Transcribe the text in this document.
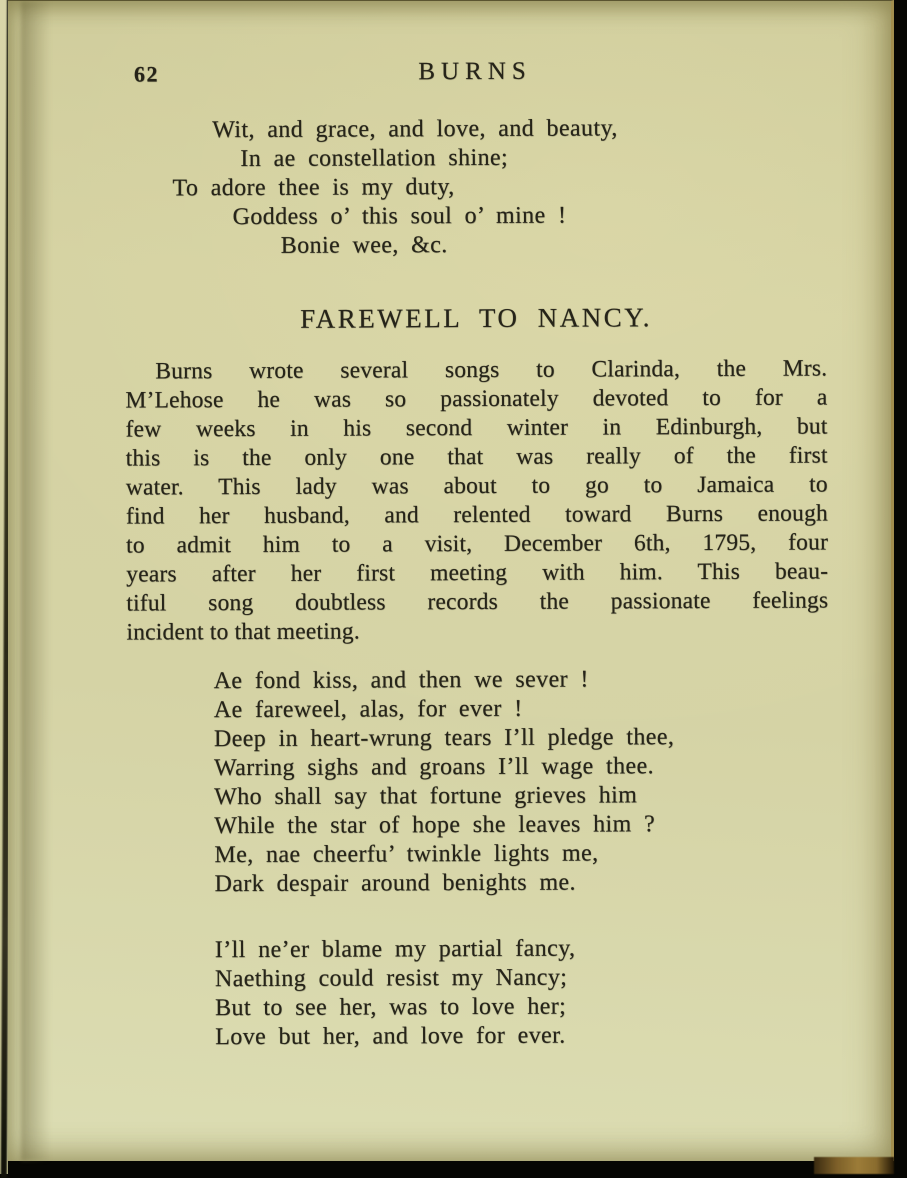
62	BURNS
Wit, and grace, and love, and beauty,
In ae constellation shine;
To adore thee is my duty,
Goddess o’ this soul o’ mine !
Bonie wee, &c.
FAREWELL TO NANCY.
Burns wrote several songs to Clarinda, the Mrs.
M’Lehose he was so passionately devoted to for a
few weeks in his second winter in Edinburgh, but
this is the only one that was really of the first
water. This lady was about to go to Jamaica to
find her husband, and relented toward Burns enough
to admit him to a visit, December 6th, 1795, four
years after her first meeting with him. This beau-
tiful song doubtless records the passionate feelings
incident to that meeting.
Ae fond kiss, and then we sever !
Ae fareweel, alas, for ever !
Deep in heart-wrung tears I’ll pledge thee,
Warring sighs and groans I’ll wage thee.
Who shall say that fortune grieves him
While the star of hope she leaves him ?
Me, nae cheerfu’ twinkle lights me,
Dark despair around benights me.
I’ll ne’er blame my partial fancy,
Naething could resist my Nancy;
But to see her, was to love her;
Love but her, and love for ever.
